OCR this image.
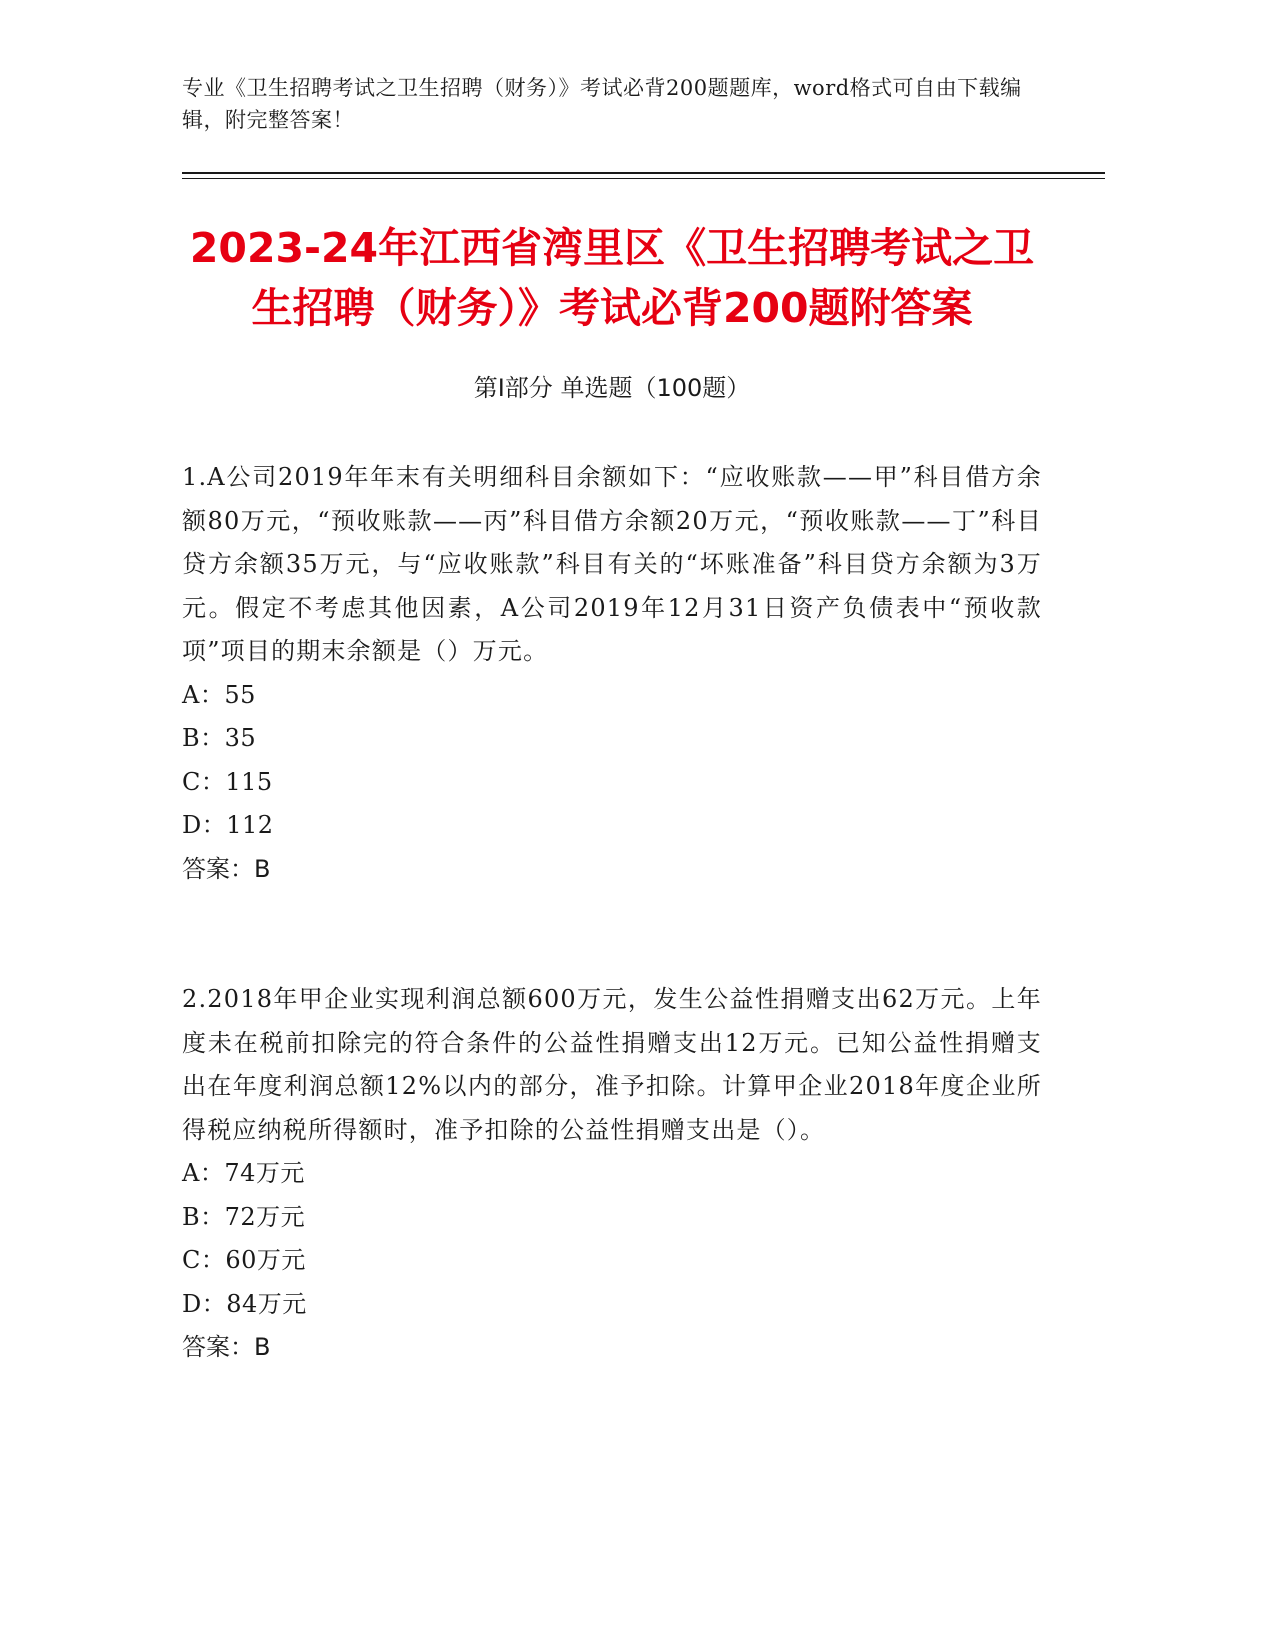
专业《卫生招聘考试之卫生招聘（财务）》考试必背200题题库，word格式可自由下载编辑，附完整答案！
2023-24年江西省湾里区《卫生招聘考试之卫生招聘（财务）》考试必背200题附答案
第I部分 单选题（100题）

1.A公司2019年年末有关明细科目余额如下：“应收账款——甲”科目借方余额80万元，“预收账款——丙”科目借方余额20万元，“预收账款——丁”科目贷方余额35万元，与“应收账款”科目有关的“坏账准备”科目贷方余额为3万元。假定不考虑其他因素，A公司2019年12月31日资产负债表中“预收款项”项目的期末余额是（）万元。

A：55

B：35

C：115

D：112

答案：B

2.2018年甲企业实现利润总额600万元，发生公益性捐赠支出62万元。上年度未在税前扣除完的符合条件的公益性捐赠支出12万元。已知公益性捐赠支出在年度利润总额12%以内的部分，准予扣除。计算甲企业2018年度企业所得税应纳税所得额时，准予扣除的公益性捐赠支出是（）。

A：74万元

B：72万元

C：60万元

D：84万元

答案：B
